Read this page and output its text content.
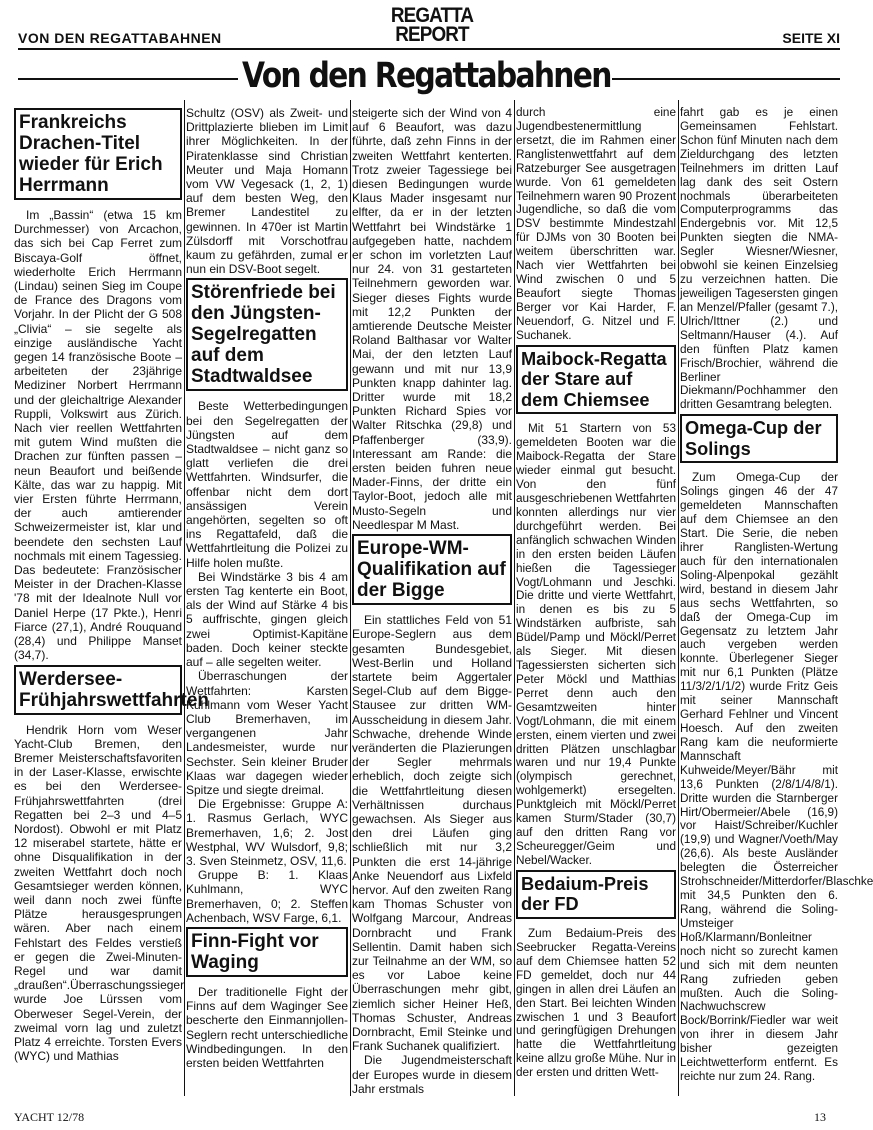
VON DEN REGATTABAHNEN
REGATTA
REPORT	SEITE XI
Von den Regattabahnen
Frankreichs Drachen-Titel wieder für Erich Herrmann

Im „Bassin“ (etwa 15 km Durchmesser) von Arcachon, das sich bei Cap Ferret zum Biscaya-Golf öffnet, wiederholte Erich Herrmann (Lindau) seinen Sieg im Coupe de France des Dragons vom Vorjahr. In der Plicht der G 508 „Clivia“ – sie segelte als einzige ausländische Yacht gegen 14 französische Boote – arbeiteten der 23jährige Mediziner Norbert Herrmann und der gleichaltrige Alexander Ruppli, Volkswirt aus Zürich. Nach vier reellen Wettfahrten mit gutem Wind mußten die Drachen zur fünften passen – neun Beaufort und beißende Kälte, das war zu happig. Mit vier Ersten führte Herrmann, der auch amtierender Schweizermeister ist, klar und beendete den sechsten Lauf nochmals mit einem Tagessieg. Das bedeutete: Französischer Meister in der Drachen-Klasse '78 mit der Idealnote Null vor Daniel Herpe (17 Pkte.), Henri Fiarce (27,1), André Rouquand (28,4) und Philippe Manset (34,7).

Werdersee-Frühjahrswettfahrten

Hendrik Horn vom Weser Yacht-Club Bremen, den Bremer Meisterschaftsfavoriten in der Laser-Klasse, erwischte es bei den Werdersee-Frühjahrswettfahrten (drei Regatten bei 2–3 und 4–5 Nordost). Obwohl er mit Platz 12 miserabel startete, hätte er ohne Disqualifikation in der zweiten Wettfahrt doch noch Gesamtsieger werden können, weil dann noch zwei fünfte Plätze herausgesprungen wären. Aber nach einem Fehlstart des Feldes verstieß er gegen die Zwei-Minuten-Regel und war damit „draußen“.Überraschungssieger wurde Joe Lürssen vom Oberweser Segel-Verein, der zweimal vorn lag und zuletzt Platz 4 erreichte. Torsten Evers (WYC) und Mathias

Schultz (OSV) als Zweit- und Drittplazierte blieben im Limit ihrer Möglichkeiten. In der Piratenklasse sind Christian Meuter und Maja Homann vom VW Vegesack (1, 2, 1) auf dem besten Weg, den Bremer Landestitel zu gewinnen. In 470er ist Martin Zülsdorff mit Vorschotfrau kaum zu gefährden, zumal er nun ein DSV-Boot segelt.

Störenfriede bei den Jüngsten-Segelregatten auf dem Stadtwaldsee

Beste Wetterbedingungen bei den Segelregatten der Jüngsten auf dem Stadtwaldsee – nicht ganz so glatt verliefen die drei Wettfahrten. Windsurfer, die offenbar nicht dem dort ansässigen Verein angehörten, segelten so oft ins Regattafeld, daß die Wettfahrtleitung die Polizei zu Hilfe holen mußte.

Bei Windstärke 3 bis 4 am ersten Tag kenterte ein Boot, als der Wind auf Stärke 4 bis 5 auffrischte, gingen gleich zwei Optimist-Kapitäne baden. Doch keiner steckte auf – alle segelten weiter.

Überraschungen der Wettfahrten: Karsten Kuhlmann vom Weser Yacht Club Bremerhaven, im vergangenen Jahr Landesmeister, wurde nur Sechster. Sein kleiner Bruder Klaas war dagegen wieder Spitze und siegte dreimal.

Die Ergebnisse: Gruppe A: 1. Rasmus Gerlach, WYC Bremerhaven, 1,6; 2. Jost Westphal, WV Wulsdorf, 9,8; 3. Sven Steinmetz, OSV, 11,6.

Gruppe B: 1. Klaas Kuhlmann, WYC Bremerhaven, 0; 2. Steffen Achenbach, WSV Farge, 6,1.

Finn-Fight vor Waging

Der traditionelle Fight der Finns auf dem Waginger See bescherte den Einmannjollen-Seglern recht unterschiedliche Windbedingungen. In den ersten beiden Wettfahrten

steigerte sich der Wind von 4 auf 6 Beaufort, was dazu führte, daß zehn Finns in der zweiten Wettfahrt kenterten. Trotz zweier Tagessiege bei diesen Bedingungen wurde Klaus Mader insgesamt nur elfter, da er in der letzten Wettfahrt bei Windstärke 1 aufgegeben hatte, nachdem er schon im vorletzten Lauf nur 24. von 31 gestarteten Teilnehmern geworden war. Sieger dieses Fights wurde mit 12,2 Punkten der amtierende Deutsche Meister Roland Balthasar vor Walter Mai, der den letzten Lauf gewann und mit nur 13,9 Punkten knapp dahinter lag. Dritter wurde mit 18,2 Punkten Richard Spies vor Walter Ritschka (29,8) und Pfaffenberger (33,9). Interessant am Rande: die ersten beiden fuhren neue Mader-Finns, der dritte ein Taylor-Boot, jedoch alle mit Musto-Segeln und Needlespar M Mast.

Europe-WM-Qualifikation auf der Bigge

Ein stattliches Feld von 51 Europe-Seglern aus dem gesamten Bundesgebiet, West-Berlin und Holland startete beim Aggertaler Segel-Club auf dem Bigge-Stausee zur dritten WM-Ausscheidung in diesem Jahr. Schwache, drehende Winde veränderten die Plazierungen der Segler mehrmals erheblich, doch zeigte sich die Wettfahrtleitung diesen Verhältnissen durchaus gewachsen. Als Sieger aus den drei Läufen ging schließlich mit nur 3,2 Punkten die erst 14-jährige Anke Neuendorf aus Lixfeld hervor. Auf den zweiten Rang kam Thomas Schuster von Wolfgang Marcour, Andreas Dornbracht und Frank Sellentin. Damit haben sich zur Teilnahme an der WM, so es vor Laboe keine Überraschungen mehr gibt, ziemlich sicher Heiner Heß, Thomas Schuster, Andreas Dornbracht, Emil Steinke und Frank Suchanek qualifiziert.

Die Jugendmeisterschaft der Europes wurde in diesem Jahr erstmals

durch eine Jugendbestenermittlung ersetzt, die im Rahmen einer Ranglistenwettfahrt auf dem Ratzeburger See ausgetragen wurde. Von 61 gemeldeten Teilnehmern waren 90 Prozent Jugendliche, so daß die vom DSV bestimmte Mindestzahl für DJMs von 30 Booten bei weitem überschritten war. Nach vier Wettfahrten bei Wind zwischen 0 und 5 Beaufort siegte Thomas Berger vor Kai Harder, F. Neuendorf, G. Nitzel und F. Suchanek.

Maibock-Regatta der Stare auf dem Chiemsee

Mit 51 Startern von 53 gemeldeten Booten war die Maibock-Regatta der Stare wieder einmal gut besucht. Von den fünf ausgeschriebenen Wettfahrten konnten allerdings nur vier durchgeführt werden. Bei anfänglich schwachen Winden in den ersten beiden Läufen hießen die Tagessieger Vogt/Lohmann und Jeschki. Die dritte und vierte Wettfahrt, in denen es bis zu 5 Windstärken aufbriste, sah Büdel/Pamp und Möckl/Perret als Sieger. Mit diesen Tagessiersten sicherten sich Peter Möckl und Matthias Perret denn auch den Gesamtzweiten hinter Vogt/Lohmann, die mit einem ersten, einem vierten und zwei dritten Plätzen unschlagbar waren und nur 19,4 Punkte (olympisch gerechnet, wohlgemerkt) ersegelten. Punktgleich mit Möckl/Perret kamen Sturm/Stader (30,7) auf den dritten Rang vor Scheuregger/Geim und Nebel/Wacker.

Bedaium-Preis der FD

Zum Bedaium-Preis des Seebrucker Regatta-Vereins auf dem Chiemsee hatten 52 FD gemeldet, doch nur 44 gingen in allen drei Läufen an den Start. Bei leichten Winden zwischen 1 und 3 Beaufort und geringfügigen Drehungen hatte die Wettfahrtleitung keine allzu große Mühe. Nur in der ersten und dritten Wett-

fahrt gab es je einen Gemeinsamen Fehlstart. Schon fünf Minuten nach dem Zieldurchgang des letzten Teilnehmers im dritten Lauf lag dank des seit Ostern nochmals überarbeiteten Computerprogramms das Endergebnis vor. Mit 12,5 Punkten siegten die NMA-Segler Wiesner/Wiesner, obwohl sie keinen Einzelsieg zu verzeichnen hatten. Die jeweiligen Tagesersten gingen an Menzel/Pfaller (gesamt 7.), Ulrich/Ittner (2.) und Seltmann/Hauser (4.). Auf den fünften Platz kamen Frisch/Brochier, während die Berliner Diekmann/Pochhammer den dritten Gesamtrang belegten.

Omega-Cup der Solings

Zum Omega-Cup der Solings gingen 46 der 47 gemeldeten Mannschaften auf dem Chiemsee an den Start. Die Serie, die neben ihrer Ranglisten-Wertung auch für den internationalen Soling-Alpenpokal gezählt wird, bestand in diesem Jahr aus sechs Wettfahrten, so daß der Omega-Cup im Gegensatz zu letztem Jahr auch vergeben werden konnte. Überlegener Sieger mit nur 6,1 Punkten (Plätze 11/3/2/1/1/2) wurde Fritz Geis mit seiner Mannschaft Gerhard Fehlner und Vincent Hoesch. Auf den zweiten Rang kam die neuformierte Mannschaft Kuhweide/Meyer/Bähr mit 13,6 Punkten (2/8/1/4/8/1). Dritte wurden die Starnberger Hirt/Obermeier/Abele (16,9) vor Haist/Schreiber/Kuchler (19,9) und Wagner/Voeth/May (26,6). Als beste Ausländer belegten die Österreicher Strohschneider/Mitterdorfer/Blaschke mit 34,5 Punkten den 6. Rang, während die Soling-Umsteiger Hoß/Klarmann/Bonleitner noch nicht so zurecht kamen und sich mit dem neunten Rang zufrieden geben mußten. Auch die Soling-Nachwuchscrew Bock/Borrink/Fiedler war weit von ihrer in diesem Jahr bisher gezeigten Leichtwetterform entfernt. Es reichte nur zum 24. Rang.

YACHT 12/78	13
